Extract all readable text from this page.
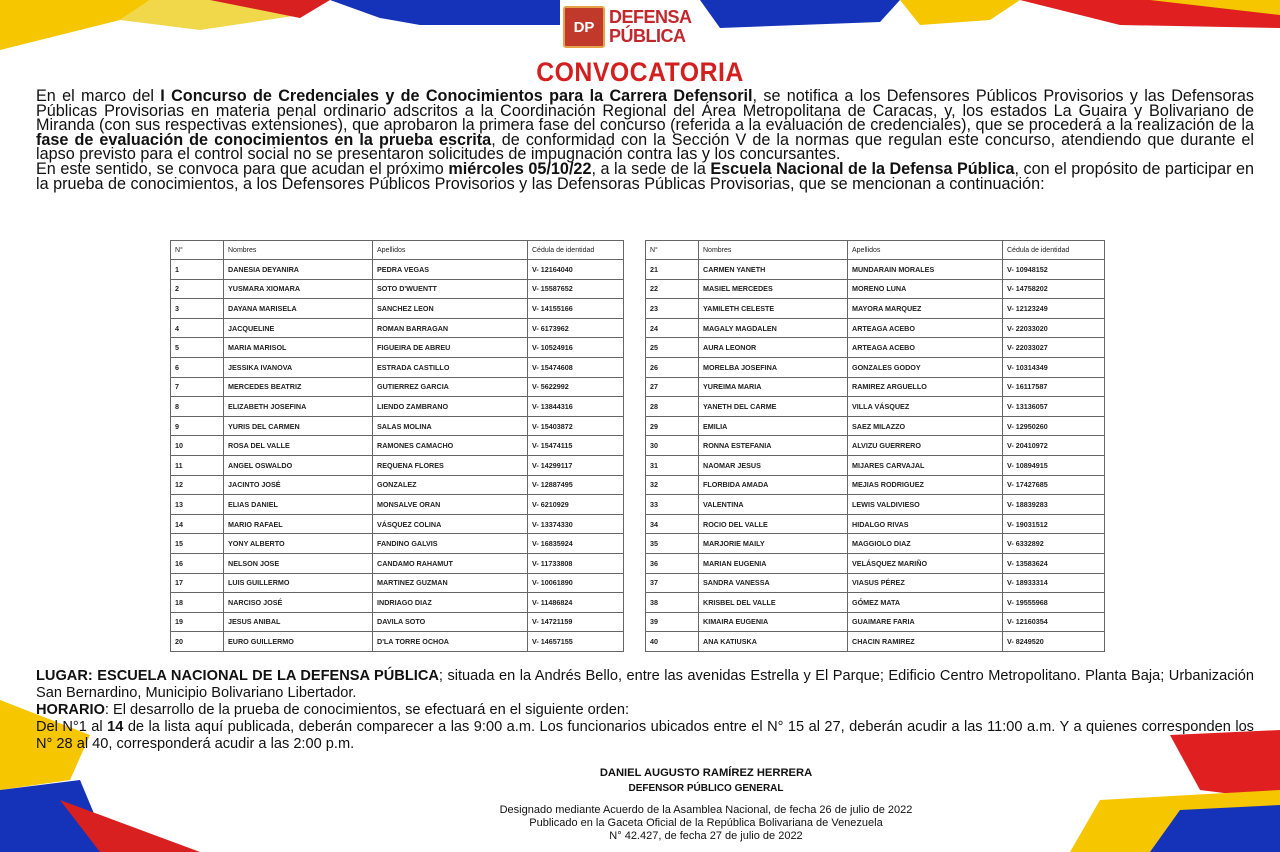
DP DEFENSA
PÚBLICA
CONVOCATORIA

En el marco del I Concurso de Credenciales y de Conocimientos para la Carrera Defensoril, se notifica a los Defensores Públicos Provisorios y las Defensoras Públicas Provisorias en materia penal ordinario adscritos a la Coordinación Regional del Área Metropolitana de Caracas, y, los estados La Guaira y Bolivariano de Miranda (con sus respectivas extensiones), que aprobaron la primera fase del concurso (referida a la evaluación de credenciales), que se procederá a la realización de la fase de evaluación de conocimientos en la prueba escrita, de conformidad con la Sección V de la normas que regulan este concurso, atendiendo que durante el lapso previsto para el control social no se presentaron solicitudes de impugnación contra las y los concursantes.

En este sentido, se convoca para que acudan el próximo miércoles 05/10/22, a la sede de la Escuela Nacional de la Defensa Pública, con el propósito de participar en la prueba de conocimientos, a los Defensores Públicos Provisorios y las Defensoras Públicas Provisorias, que se mencionan a continuación:

N°	Nombres	Apellidos	Cédula de identidad
1	DANESIA DEYANIRA	PEDRA VEGAS	V- 12164040
2	YUSMARA XIOMARA	SOTO D'WUENTT	V- 15587652
3	DAYANA MARISELA	SANCHEZ LEON	V- 14155166
4	JACQUELINE	ROMAN BARRAGAN	V- 6173962
5	MARIA MARISOL	FIGUEIRA DE ABREU	V- 10524916
6	JESSIKA IVANOVA	ESTRADA CASTILLO	V- 15474608
7	MERCEDES BEATRIZ	GUTIERREZ GARCIA	V- 5622992
8	ELIZABETH JOSEFINA	LIENDO ZAMBRANO	V- 13844316
9	YURIS DEL CARMEN	SALAS MOLINA	V- 15403872
10	ROSA DEL VALLE	RAMONES CAMACHO	V- 15474115
11	ANGEL OSWALDO	REQUENA FLORES	V- 14299117
12	JACINTO JOSÉ	GONZALEZ	V- 12887495
13	ELIAS DANIEL	MONSALVE ORAN	V- 6210929
14	MARIO RAFAEL	VÁSQUEZ COLINA	V- 13374330
15	YONY ALBERTO	FANDINO GALVIS	V- 16835924
16	NELSON JOSE	CANDAMO RAHAMUT	V- 11733808
17	LUIS GUILLERMO	MARTINEZ GUZMAN	V- 10061890
18	NARCISO JOSÉ	INDRIAGO DIAZ	V- 11486824
19	JESUS ANIBAL	DAVILA SOTO	V- 14721159
20	EURO GUILLERMO	D'LA TORRE OCHOA	V- 14657155
N°	Nombres	Apellidos	Cédula de identidad
21	CARMEN YANETH	MUNDARAIN MORALES	V- 10948152
22	MASIEL MERCEDES	MORENO LUNA	V- 14758202
23	YAMILETH CELESTE	MAYORA MARQUEZ	V- 12123249
24	MAGALY MAGDALEN	ARTEAGA ACEBO	V- 22033020
25	AURA LEONOR	ARTEAGA ACEBO	V- 22033027
26	MORELBA JOSEFINA	GONZALES GODOY	V- 10314349
27	YUREIMA MARIA	RAMIREZ ARGUELLO	V- 16117587
28	YANETH DEL CARME	VILLA VÁSQUEZ	V- 13136057
29	EMILIA	SAEZ MILAZZO	V- 12950260
30	RONNA ESTEFANIA	ALVIZU GUERRERO	V- 20410972
31	NAOMAR JESUS	MIJARES CARVAJAL	V- 10894915
32	FLORBIDA AMADA	MEJIAS RODRIGUEZ	V- 17427685
33	VALENTINA	LEWIS VALDIVIESO	V- 18839283
34	ROCIO DEL VALLE	HIDALGO RIVAS	V- 19031512
35	MARJORIE MAILY	MAGGIOLO DIAZ	V- 6332892
36	MARIAN EUGENIA	VELÁSQUEZ MARIÑO	V- 13583624
37	SANDRA VANESSA	VIASUS PÉREZ	V- 18933314
38	KRISBEL DEL VALLE	GÓMEZ MATA	V- 19555968
39	KIMAIRA EUGENIA	GUAIMARE FARIA	V- 12160354
40	ANA KATIUSKA	CHACIN RAMIREZ	V- 8249520

LUGAR: ESCUELA NACIONAL DE LA DEFENSA PÚBLICA; situada en la Andrés Bello, entre las avenidas Estrella y El Parque; Edificio Centro Metropolitano. Planta Baja; Urbanización San Bernardino, Municipio Bolivariano Libertador.

HORARIO: El desarrollo de la prueba de conocimientos, se efectuará en el siguiente orden:

Del N°1 al 14 de la lista aquí publicada, deberán comparecer a las 9:00 a.m. Los funcionarios ubicados entre el N° 15 al 27, deberán acudir a las 11:00 a.m. Y a quienes corresponden los N° 28 al 40, corresponderá acudir a las 2:00 p.m.

DANIEL AUGUSTO RAMÍREZ HERRERA
DEFENSOR PÚBLICO GENERAL
Designado mediante Acuerdo de la Asamblea Nacional, de fecha 26 de julio de 2022
Publicado en la Gaceta Oficial de la República Bolivariana de Venezuela
N° 42.427, de fecha 27 de julio de 2022
